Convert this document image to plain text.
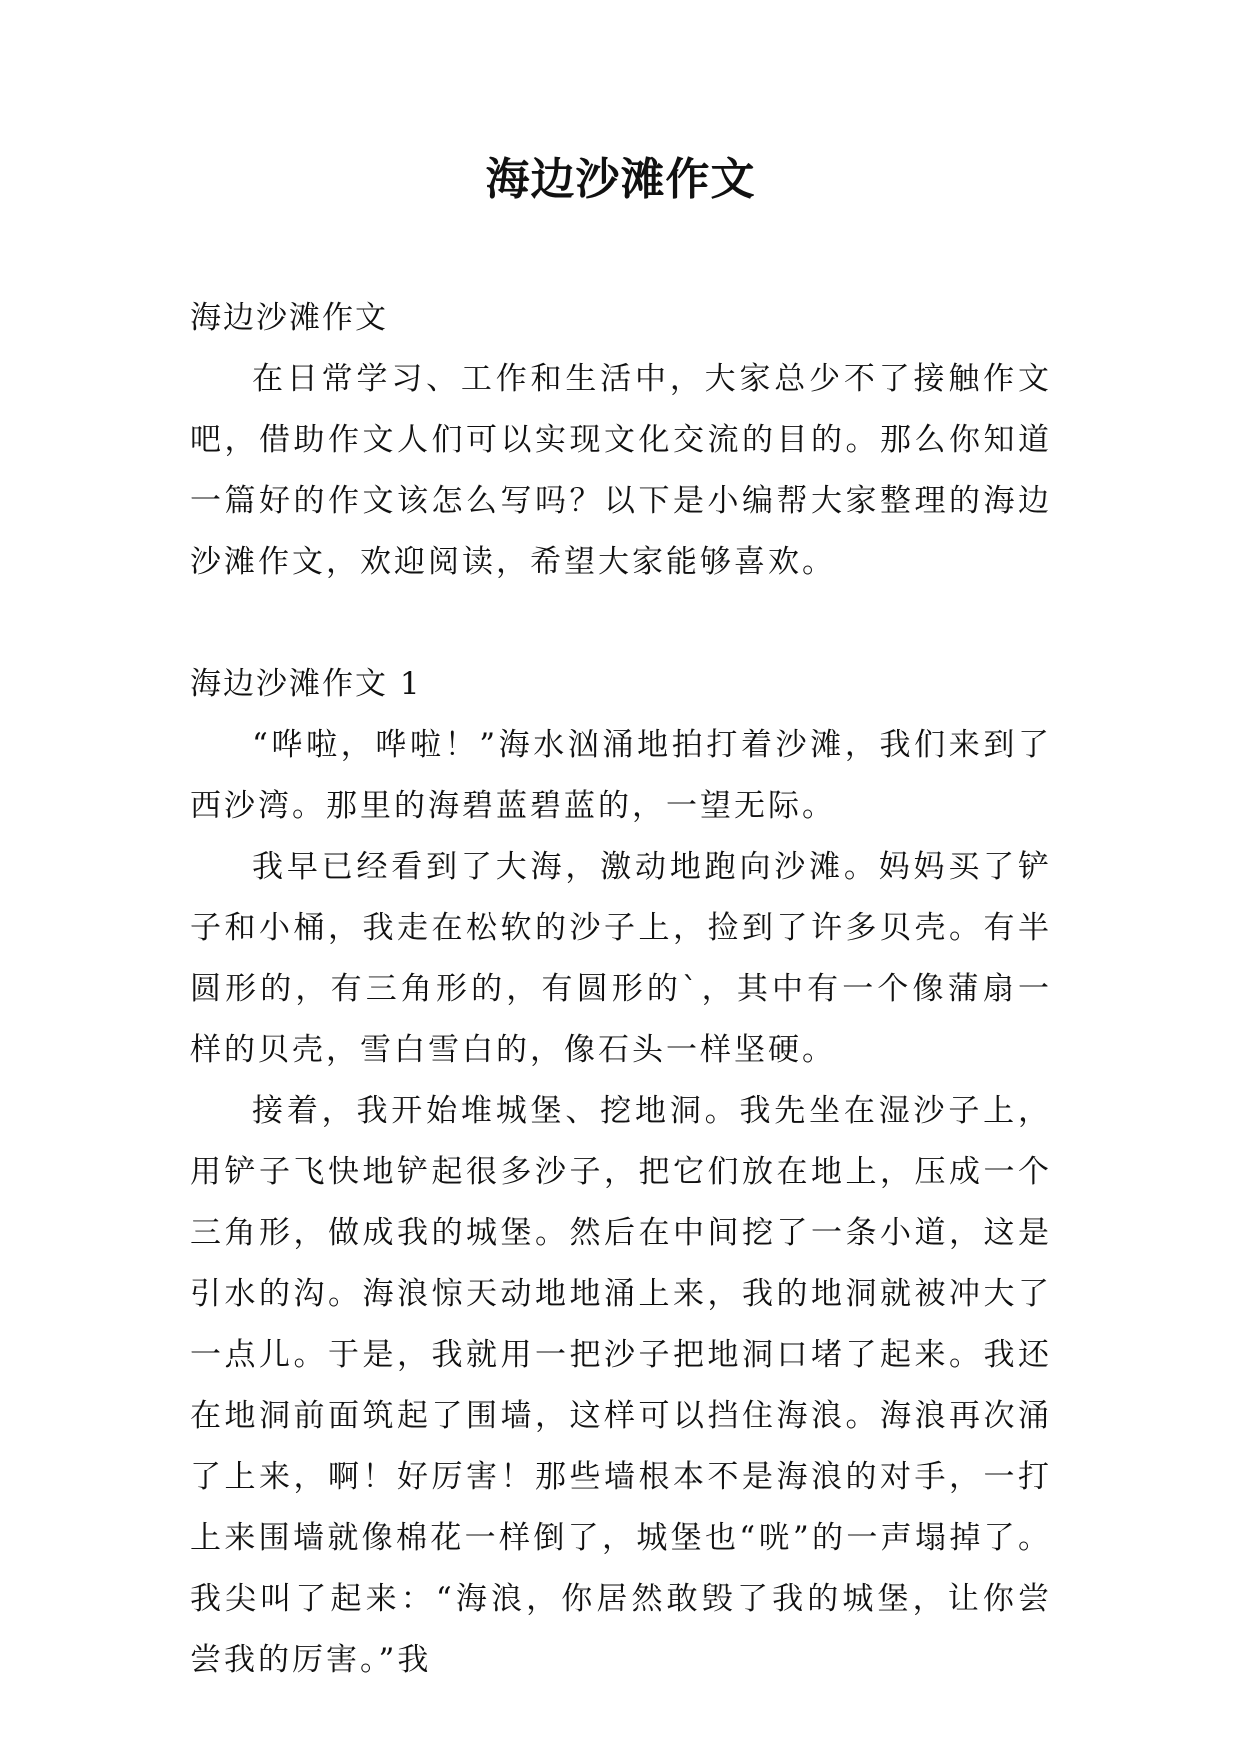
海边沙滩作文

海边沙滩作文

在日常学习、工作和生活中，大家总少不了接触作文吧，借助作文人们可以实现文化交流的目的。那么你知道一篇好的作文该怎么写吗？以下是小编帮大家整理的海边沙滩作文，欢迎阅读，希望大家能够喜欢。

海边沙滩作文 1

“哗啦，哗啦！”海水汹涌地拍打着沙滩，我们来到了西沙湾。那里的海碧蓝碧蓝的，一望无际。

我早已经看到了大海，激动地跑向沙滩。妈妈买了铲子和小桶，我走在松软的沙子上，捡到了许多贝壳。有半圆形的，有三角形的，有圆形的`，其中有一个像蒲扇一样的贝壳，雪白雪白的，像石头一样坚硬。

接着，我开始堆城堡、挖地洞。我先坐在湿沙子上，用铲子飞快地铲起很多沙子，把它们放在地上，压成一个三角形，做成我的城堡。然后在中间挖了一条小道，这是引水的沟。海浪惊天动地地涌上来，我的地洞就被冲大了一点儿。于是，我就用一把沙子把地洞口堵了起来。我还在地洞前面筑起了围墙，这样可以挡住海浪。海浪再次涌了上来，啊！好厉害！那些墙根本不是海浪的对手，一打上来围墙就像棉花一样倒了，城堡也“咣”的一声塌掉了。我尖叫了起来：“海浪，你居然敢毁了我的城堡，让你尝尝我的厉害。”我
